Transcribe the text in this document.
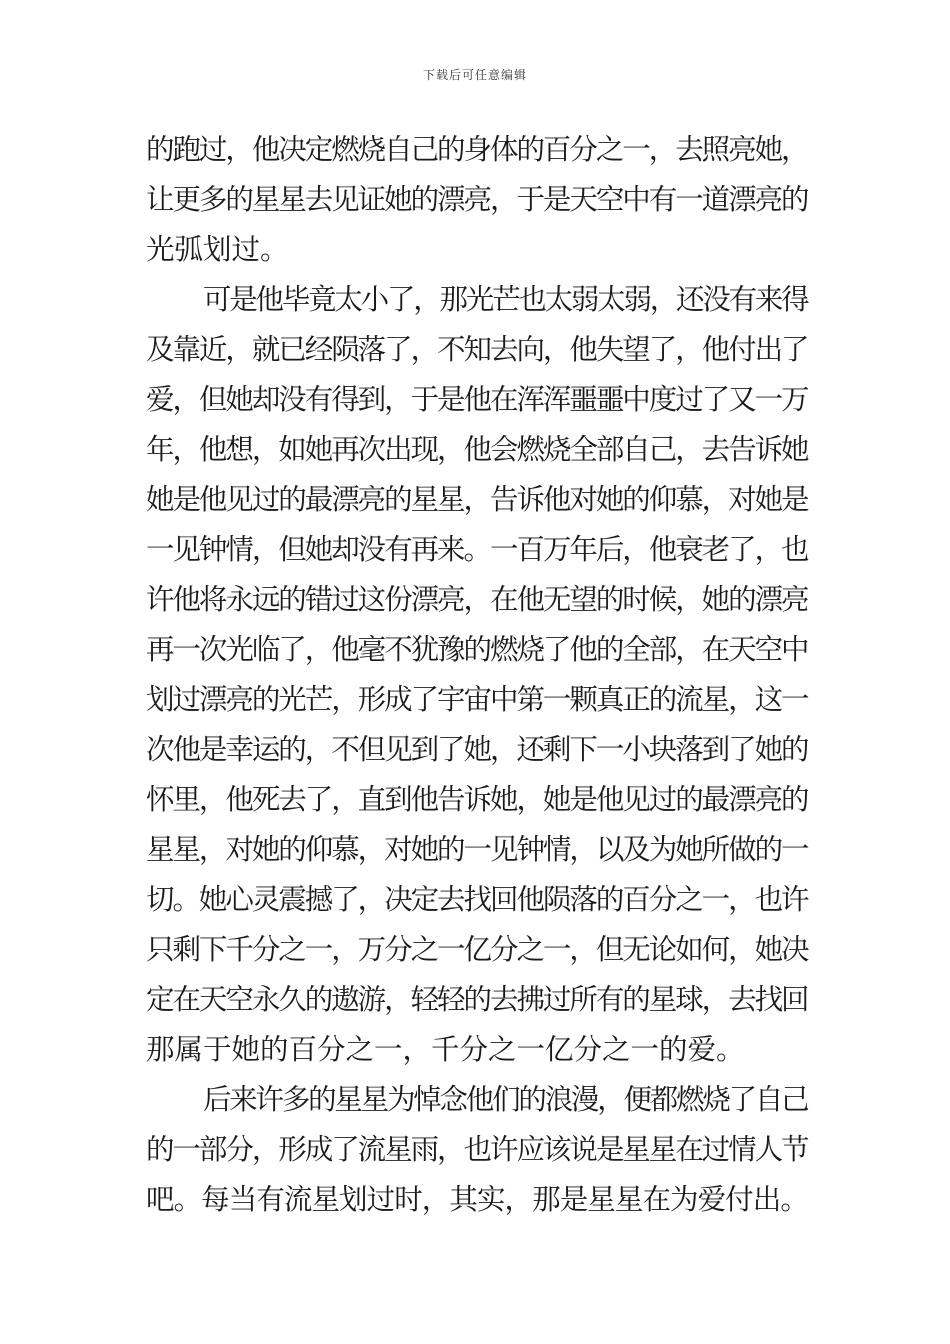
下载后可任意编辑
的跑过，他决定燃烧自己的身体的百分之一，去照亮她，
让更多的星星去见证她的漂亮，于是天空中有一道漂亮的
光弧划过。
可是他毕竟太小了，那光芒也太弱太弱，还没有来得
及靠近，就已经陨落了，不知去向，他失望了，他付出了
爱，但她却没有得到，于是他在浑浑噩噩中度过了又一万
年，他想，如她再次出现，他会燃烧全部自己，去告诉她
她是他见过的最漂亮的星星，告诉他对她的仰慕，对她是
一见钟情，但她却没有再来。一百万年后，他衰老了，也
许他将永远的错过这份漂亮，在他无望的时候，她的漂亮
再一次光临了，他毫不犹豫的燃烧了他的全部，在天空中
划过漂亮的光芒，形成了宇宙中第一颗真正的流星，这一
次他是幸运的，不但见到了她，还剩下一小块落到了她的
怀里，他死去了，直到他告诉她，她是他见过的最漂亮的
星星，对她的仰慕，对她的一见钟情，以及为她所做的一
切。她心灵震撼了，决定去找回他陨落的百分之一，也许
只剩下千分之一，万分之一亿分之一，但无论如何，她决
定在天空永久的遨游，轻轻的去拂过所有的星球，去找回
那属于她的百分之一，千分之一亿分之一的爱。
后来许多的星星为悼念他们的浪漫，便都燃烧了自己
的一部分，形成了流星雨，也许应该说是星星在过情人节
吧。每当有流星划过时，其实，那是星星在为爱付出。
